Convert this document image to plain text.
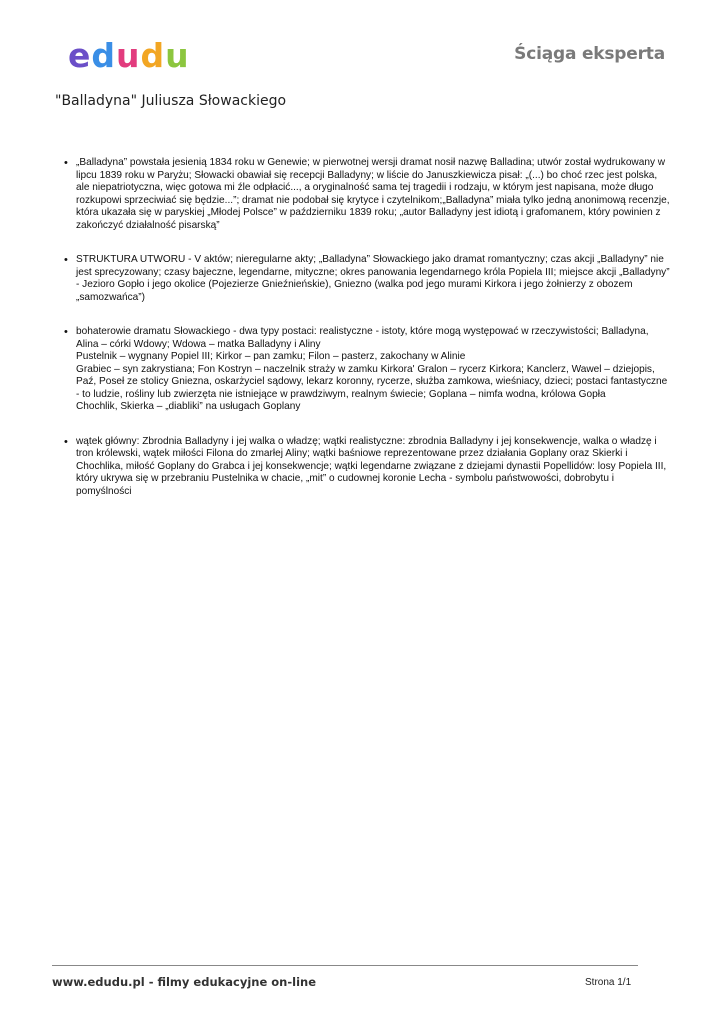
e d u d u	Ściąga eksperta
"Balladyna" Juliusza Słowackiego

• „Balladyna” powstała jesienią 1834 roku w Genewie; w pierwotnej wersji dramat nosił nazwę Balladina; utwór został wydrukowany w lipcu 1839 roku w Paryżu; Słowacki obawiał się recepcji Balladyny; w liście do Januszkiewicza pisał: „(...) bo choć rzec jest polska, ale niepatriotyczna, więc gotowa mi źle odpłacić..., a oryginalność sama tej tragedii i rodzaju, w którym jest napisana, może długo rozkupowi sprzeciwiać się będzie...”; dramat nie podobał się krytyce i czytelnikom;„Balladyna” miała tylko jedną anonimową recenzje, która ukazała się w paryskiej „Młodej Polsce” w październiku 1839 roku; „autor Balladyny jest idiotą i grafomanem, który powinien z zakończyć działalność pisarską”

• STRUKTURA UTWORU - V aktów; nieregularne akty; „Balladyna” Słowackiego jako dramat romantyczny; czas akcji „Balladyny” nie jest sprecyzowany; czasy bajeczne, legendarne, mityczne; okres panowania legendarnego króla Popiela III; miejsce akcji „Balladyny” - Jezioro Gopło i jego okolice (Pojezierze Gnieźnieńskie), Gniezno (walka pod jego murami Kirkora i jego żołnierzy z obozem „samozwańca”)

• bohaterowie dramatu Słowackiego - dwa typy postaci: realistyczne - istoty, które mogą występować w rzeczywistości; Balladyna, Alina – córki Wdowy; Wdowa – matka Balladyny i Aliny

Pustelnik – wygnany Popiel III; Kirkor – pan zamku; Filon – pasterz, zakochany w Alinie

Grabiec – syn zakrystiana; Fon Kostryn – naczelnik straży w zamku Kirkora' Gralon – rycerz Kirkora; Kanclerz, Wawel – dziejopis, Paź, Poseł ze stolicy Gniezna, oskarżyciel sądowy, lekarz koronny, rycerze, służba zamkowa, wieśniacy, dzieci; postaci fantastyczne - to ludzie, rośliny lub zwierzęta nie istniejące w prawdziwym, realnym świecie; Goplana – nimfa wodna, królowa Gopła

Chochlik, Skierka – „diabliki” na usługach Goplany

• wątek główny: Zbrodnia Balladyny i jej walka o władzę; wątki realistyczne: zbrodnia Balladyny i jej konsekwencje, walka o władzę i tron królewski, wątek miłości Filona do zmarłej Aliny; wątki baśniowe reprezentowane przez działania Goplany oraz Skierki i Chochlika, miłość Goplany do Grabca i jej konsekwencje; wątki legendarne związane z dziejami dynastii Popellidów: losy Popiela III, który ukrywa się w przebraniu Pustelnika w chacie, „mit” o cudownej koronie Lecha - symbolu państwowości, dobrobytu i pomyślności

www.edudu.pl - filmy edukacyjne on-line	Strona 1/1
